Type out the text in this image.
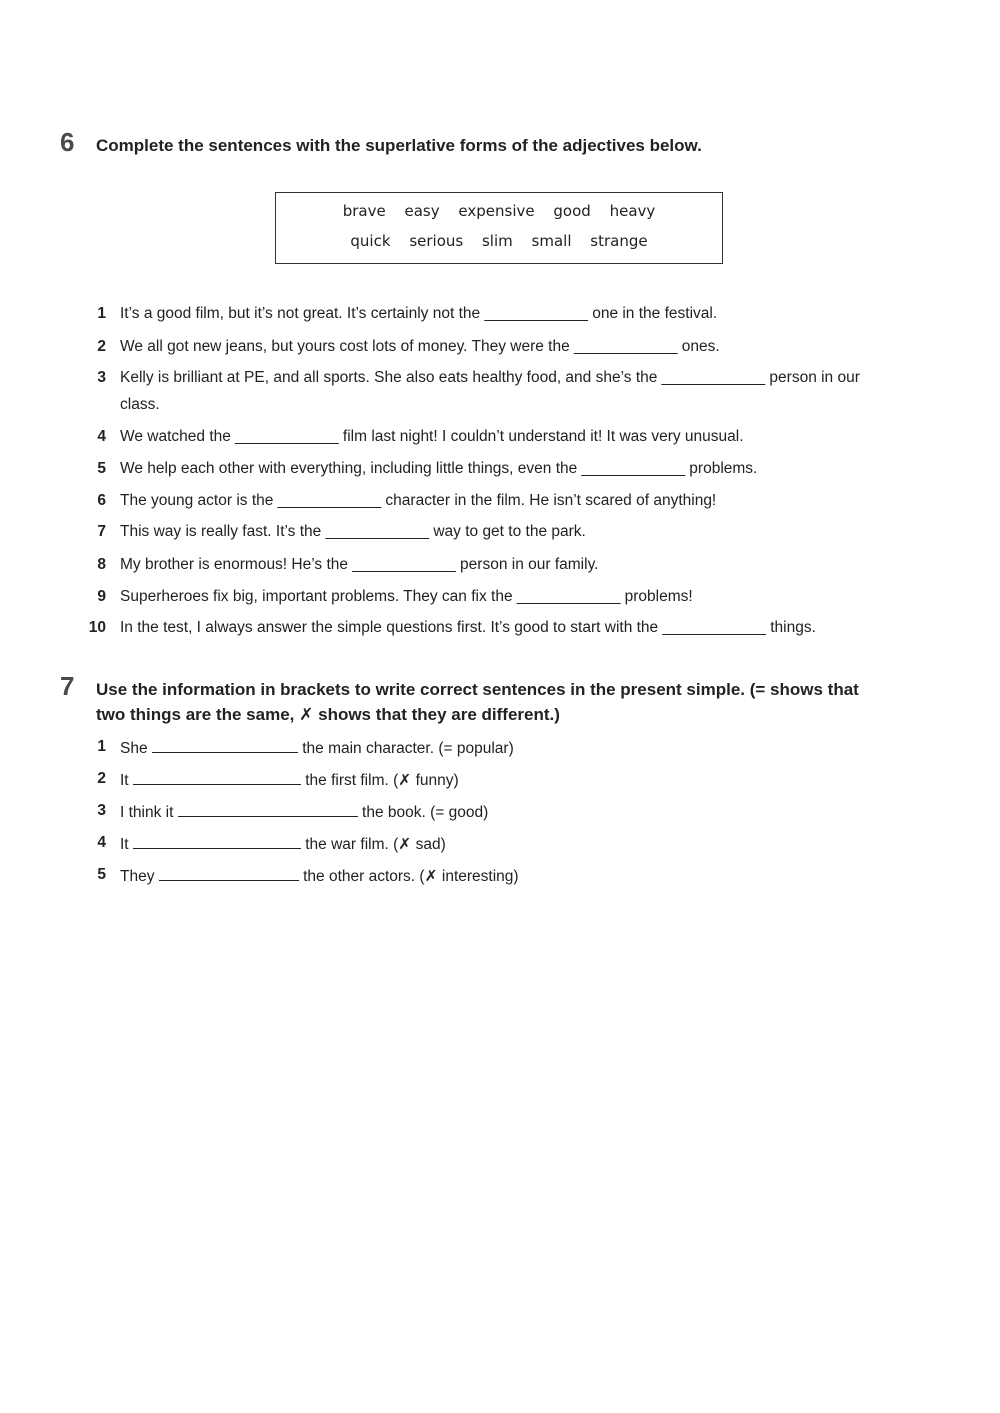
6 Complete the sentences with the superlative forms of the adjectives below.
brave easy expensive good heavy
quick serious slim small strange
1 It’s a good film, but it’s not great. It’s certainly not the ____________ one in the festival.
2 We all got new jeans, but yours cost lots of money. They were the ____________ ones.
3 Kelly is brilliant at PE, and all sports. She also eats healthy food, and she’s the ____________ person in our
class.
4 We watched the ____________ film last night! I couldn’t understand it! It was very unusual.
5 We help each other with everything, including little things, even the ____________ problems.
6 The young actor is the ____________ character in the film. He isn’t scared of anything!
7 This way is really fast. It’s the ____________ way to get to the park.
8 My brother is enormous! He’s the ____________ person in our family.
9 Superheroes fix big, important problems. They can fix the ____________ problems!
10 In the test, I always answer the simple questions first. It’s good to start with the ____________ things.
7 Use the information in brackets to write correct sentences in the present simple. (= shows that
two things are the same, ✗ shows that they are different.)
1 She	the main character. (= popular)
2 It	the first film. (✗ funny)
3 I think it	the book. (= good)
4 It	the war film. (✗ sad)
5 They	the other actors. (✗ interesting)
